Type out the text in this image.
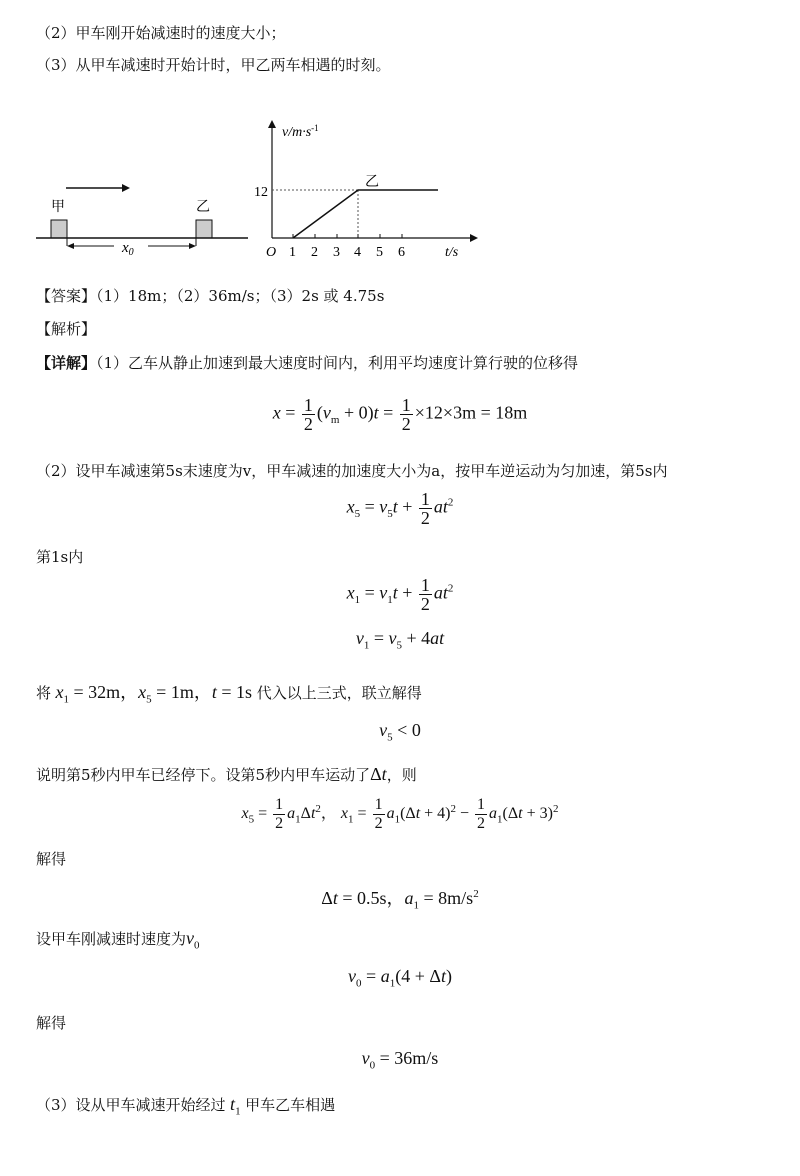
（2）甲车刚开始减速时的速度大小；
（3）从甲车减速时开始计时，甲乙两车相遇的时刻。
甲	乙
$x_0$
$v/m\cdot s^{-1}$
12
乙
O 1 2 3 4 5 6	t/s
【答案】（1）18m；（2）36m/s；（3）2s 或 4.75s
【解析】
【详解】（1）乙车从静止加速到最大速度时间内，利用平均速度计算行驶的位移得
$x = \frac{1}{2} (v_m + 0)t = \frac{1}{2} \times 12\times 3m = 18m$
（2）设甲车减速第5s末速度为v，甲车减速的加速度大小为a，按甲车逆运动为匀加速，第5s内
$x_5 = v_5t + \frac{1}{2} at^2$
第1s内
$x_1 = v_1t + \frac{1}{2} at^2$
$v_1 = v_5 + 4at$
将 $x_1 = 32m$，$x_5 = 1m$，t = 1s 代入以上三式，联立解得
$v_5 < 0$
说明第5秒内甲车已经停下。设第5秒内甲车运动了Δt，则
$x_5 = \frac{1}{2} a_1\Delta t^2$， $x_1 = \frac{1}{2} a_1(\Delta t + 4)^2 - \frac{1}{2} a_1(\Delta t + 3)^2$
解得
Δt = 0.5s，$a_1 = 8m/s^2$
设甲车刚减速时速度为$v_0$
$v_0 = a_1(4 + \Delta t)$
解得
$v_0 = 36m/s$
（3）设从甲车减速开始经过 $t_1$ 甲车乙车相遇
